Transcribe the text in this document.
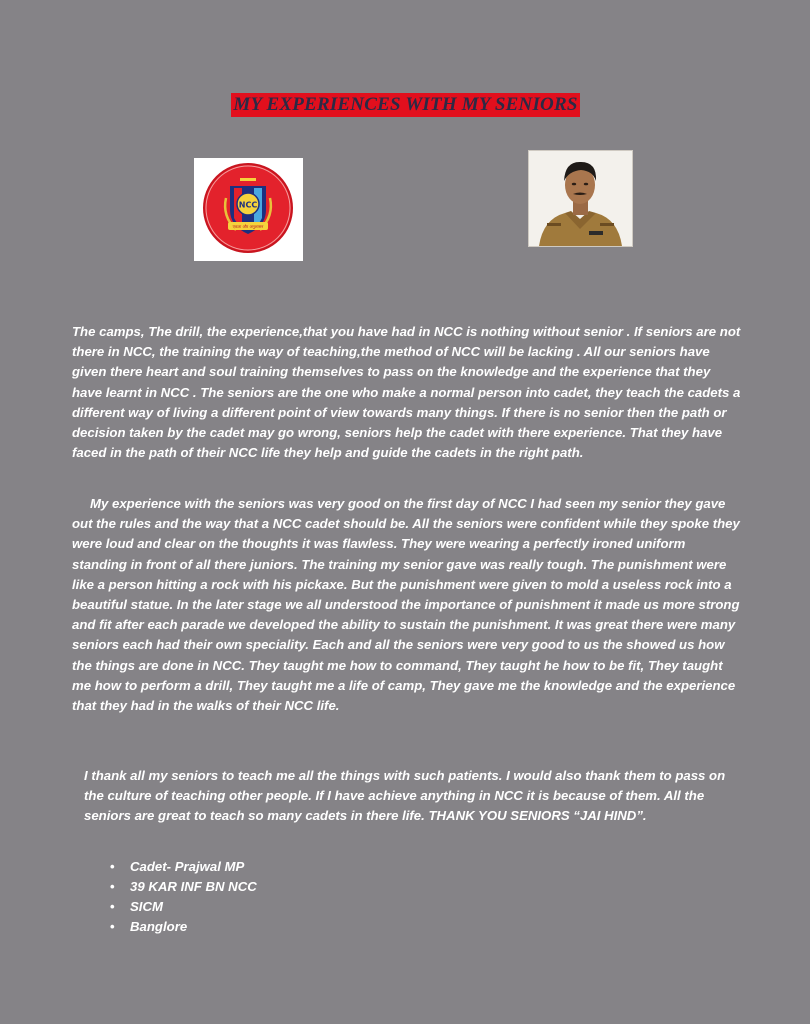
MY EXPERIENCES WITH MY SENIORS
NCC
एकता और अनुशासन

The camps, The drill, the experience,that you have had in NCC is nothing without senior . If seniors are not there in NCC, the training the way of teaching,the method of NCC will be lacking . All our seniors have given there heart and soul training themselves to pass on the knowledge and the experience that they have learnt in NCC . The seniors are the one who make a normal person into cadet, they teach the cadets a different way of living a different point of view towards many things. If there is no senior then the path or decision taken by the cadet may go wrong, seniors help the cadet with there experience. That they have faced in the path of their NCC life they help and guide the cadets in the right path.

My experience with the seniors was very good on the first day of NCC I had seen my senior they gave out the rules and the way that a NCC cadet should be. All the seniors were confident while they spoke they were loud and clear on the thoughts it was flawless. They were wearing a perfectly ironed uniform standing in front of all there juniors. The training my senior gave was really tough. The punishment were like a person hitting a rock with his pickaxe. But the punishment were given to mold a useless rock into a beautiful statue. In the later stage we all understood the importance of punishment it made us more strong and fit after each parade we developed the ability to sustain the punishment. It was great there were many seniors each had their own speciality. Each and all the seniors were very good to us the showed us how the things are done in NCC. They taught me how to command, They taught he how to be fit, They taught me how to perform a drill, They taught me a life of camp, They gave me the knowledge and the experience that they had in the walks of their NCC life.

I thank all my seniors to teach me all the things with such patients. I would also thank them to pass on the culture of teaching other people. If I have achieve anything in NCC it is because of them. All the seniors are great to teach so many cadets in there life. THANK YOU SENIORS “JAI HIND”.

• Cadet- Prajwal MP
• 39 KAR INF BN NCC
• SICM
• Banglore
